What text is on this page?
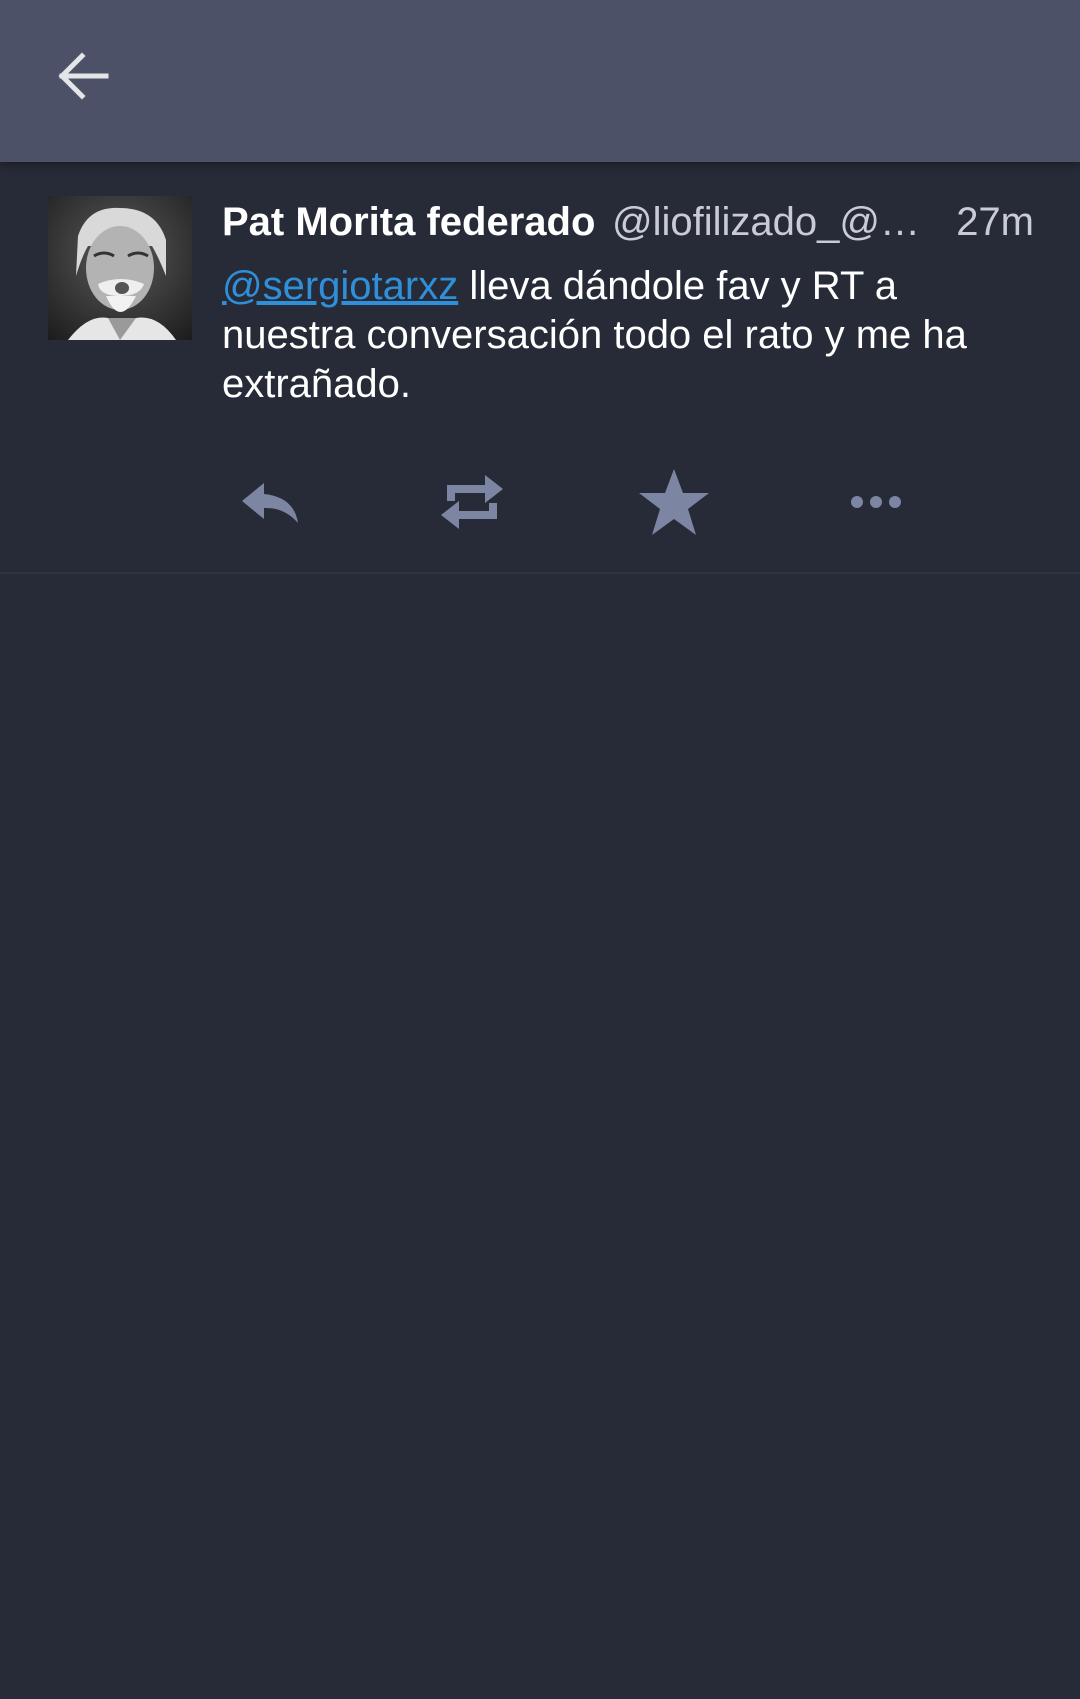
Pat Morita federado @liofilizado_@h…	27m
@sergiotarxz lleva dándole fav y RT a nuestra conversación todo el rato y me ha extrañado.
